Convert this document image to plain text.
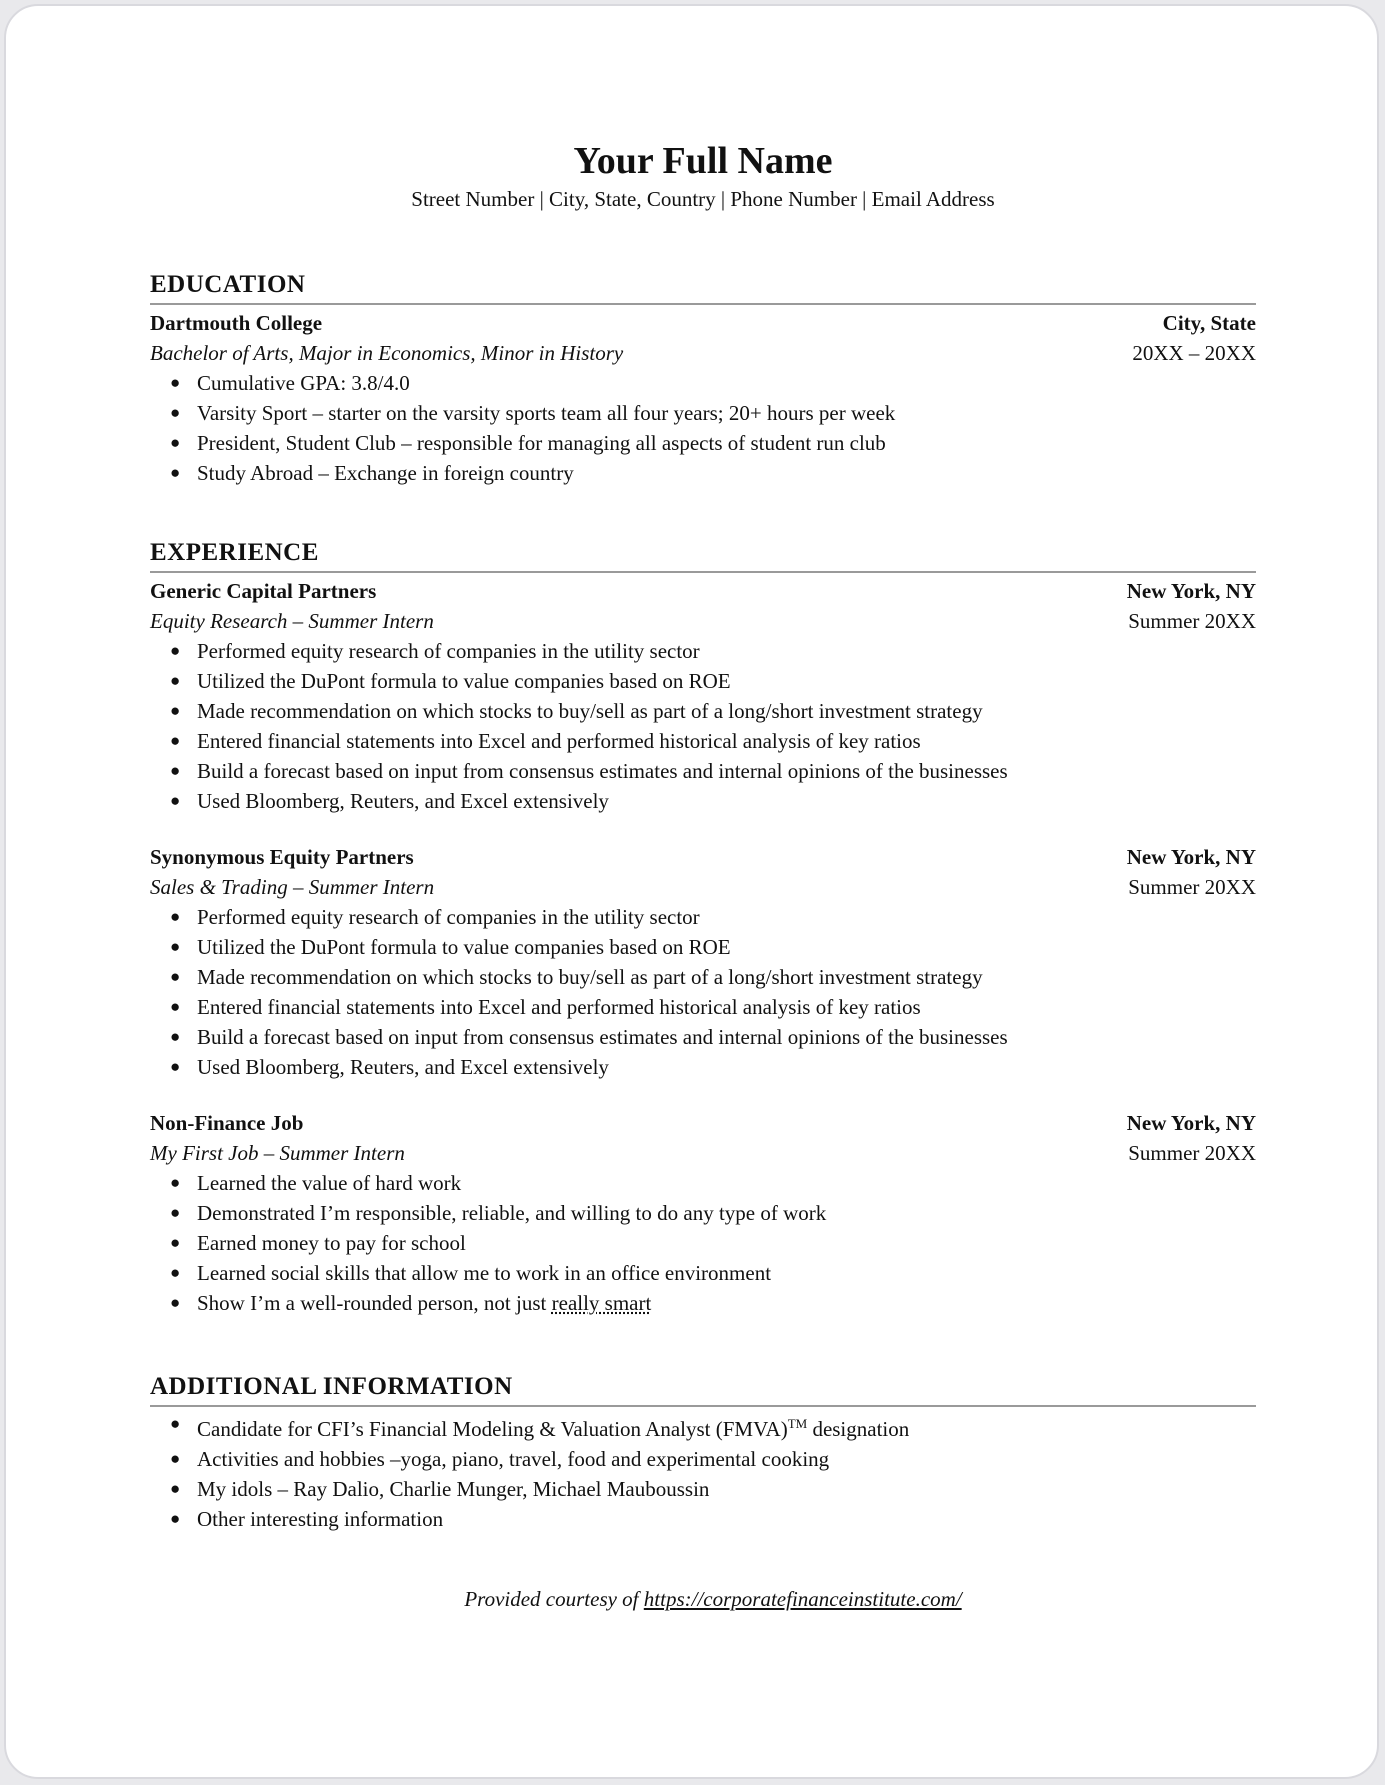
Your Full Name
Street Number | City, State, Country | Phone Number | Email Address
EDUCATION
Dartmouth College	City, State
Bachelor of Arts, Major in Economics, Minor in History	20XX – 20XX
● Cumulative GPA: 3.8/4.0
● Varsity Sport – starter on the varsity sports team all four years; 20+ hours per week
● President, Student Club – responsible for managing all aspects of student run club
● Study Abroad – Exchange in foreign country
EXPERIENCE
Generic Capital Partners	New York, NY
Equity Research – Summer Intern	Summer 20XX
● Performed equity research of companies in the utility sector
● Utilized the DuPont formula to value companies based on ROE
● Made recommendation on which stocks to buy/sell as part of a long/short investment strategy
● Entered financial statements into Excel and performed historical analysis of key ratios
● Build a forecast based on input from consensus estimates and internal opinions of the businesses
● Used Bloomberg, Reuters, and Excel extensively
Synonymous Equity Partners	New York, NY
Sales & Trading – Summer Intern	Summer 20XX
● Performed equity research of companies in the utility sector
● Utilized the DuPont formula to value companies based on ROE
● Made recommendation on which stocks to buy/sell as part of a long/short investment strategy
● Entered financial statements into Excel and performed historical analysis of key ratios
● Build a forecast based on input from consensus estimates and internal opinions of the businesses
● Used Bloomberg, Reuters, and Excel extensively
Non-Finance Job	New York, NY
My First Job – Summer Intern	Summer 20XX
● Learned the value of hard work
● Demonstrated I’m responsible, reliable, and willing to do any type of work
● Earned money to pay for school
● Learned social skills that allow me to work in an office environment
● Show I’m a well-rounded person, not just really smart
ADDITIONAL INFORMATION
● Candidate for CFI’s Financial Modeling & Valuation Analyst (FMVA)™ designation
● Activities and hobbies –yoga, piano, travel, food and experimental cooking
● My idols – Ray Dalio, Charlie Munger, Michael Mauboussin
● Other interesting information
Provided courtesy of https://corporatefinanceinstitute.com/
